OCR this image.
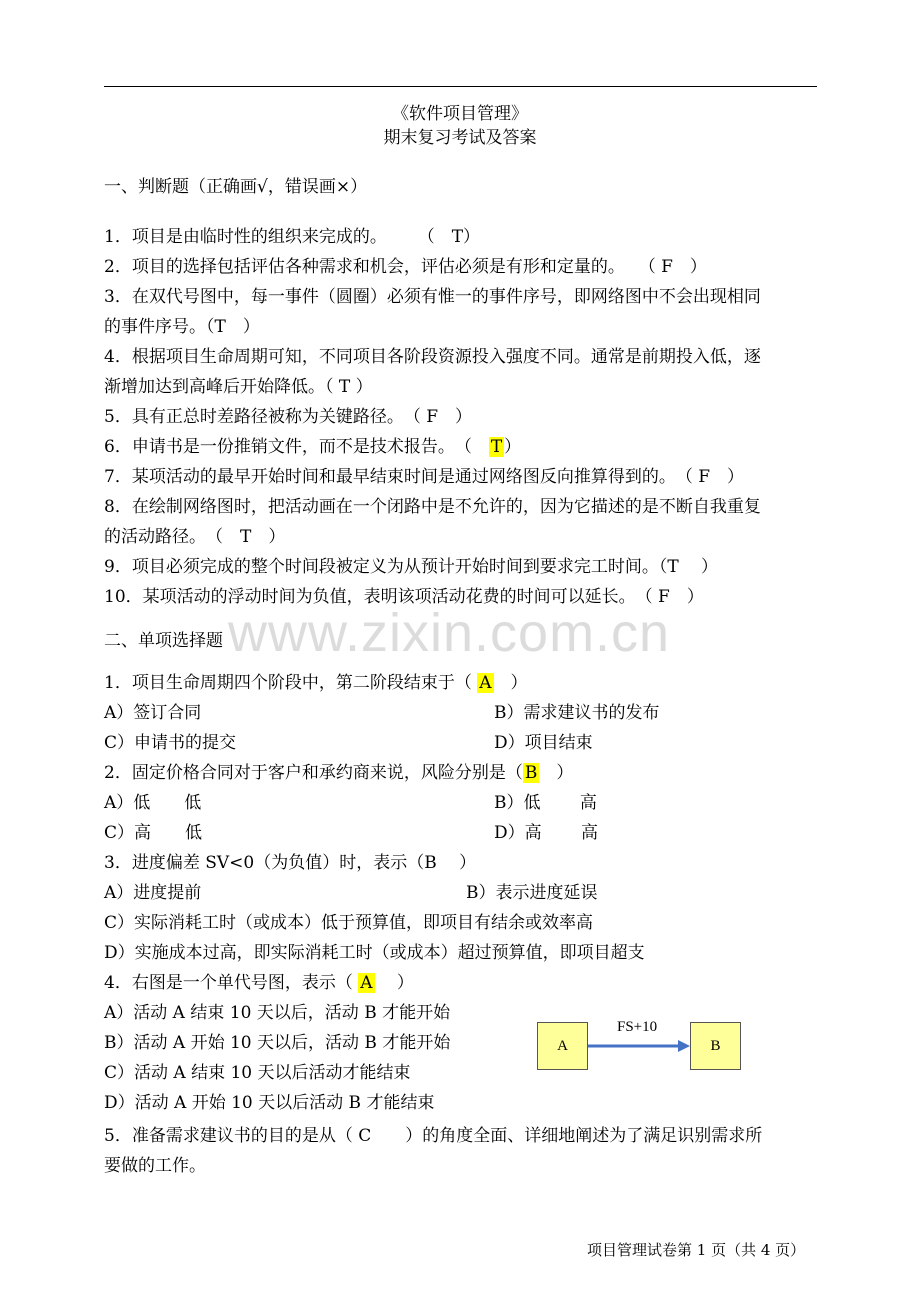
《软件项目管理》
期末复习考试及答案
一、判断题（正确画√，错误画×）
1．项目是由临时性的组织来完成的。　　 （　T）
2．项目的选择包括评估各种需求和机会，评估必须是有形和定量的。　 （ F　）
3．在双代号图中，每一事件（圆圈）必须有惟一的事件序号，即网络图中不会出现相同
的事件序号。（T　）
4．根据项目生命周期可知，不同项目各阶段资源投入强度不同。通常是前期投入低，逐
渐增加达到高峰后开始降低。（ T ）
5．具有正总时差路径被称为关键路径。　（ F　）
6．申请书是一份推销文件，而不是技术报告。　（　T ）
7．某项活动的最早开始时间和最早结束时间是通过网络图反向推算得到的。　（ F　）
8．在绘制网络图时，把活动画在一个闭路中是不允许的，因为它描述的是不断自我重复
的活动路径。　（　T　）
9．项目必须完成的整个时间段被定义为从预计开始时间到要求完工时间。（T　 ）
10．某项活动的浮动时间为负值，表明该项活动花费的时间可以延长。　（ F　）
www.zixin.com.cn
二、单项选择题
1．项目生命周期四个阶段中，第二阶段结束于（ A　 ）
A）签订合同	B）需求建议书的发布
C）申请书的提交	D）项目结束
2．固定价格合同对于客户和承约商来说，风险分别是（ B　 ）
A）低　　低	B）低　　 高
C）高　　低	D）高　　 高
3．进度偏差 SV<0（为负值）时，表示（B　 ）
A）进度提前	B）表示进度延误
C）实际消耗工时（或成本）低于预算值，即项目有结余或效率高
D）实施成本过高，即实际消耗工时（或成本）超过预算值，即项目超支
4．右图是一个单代号图，表示（ A 　 ）
A）活动 A 结束 10 天以后，活动 B 才能开始
B）活动 A 开始 10 天以后，活动 B 才能开始
C）活动 A 结束 10 天以后活动才能结束
D）活动 A 开始 10 天以后活动 B 才能结束
A	B
FS+10
5．准备需求建议书的目的是从（ C　　）的角度全面、详细地阐述为了满足识别需求所
要做的工作。
项目管理试卷第 1 页（共 4 页）
